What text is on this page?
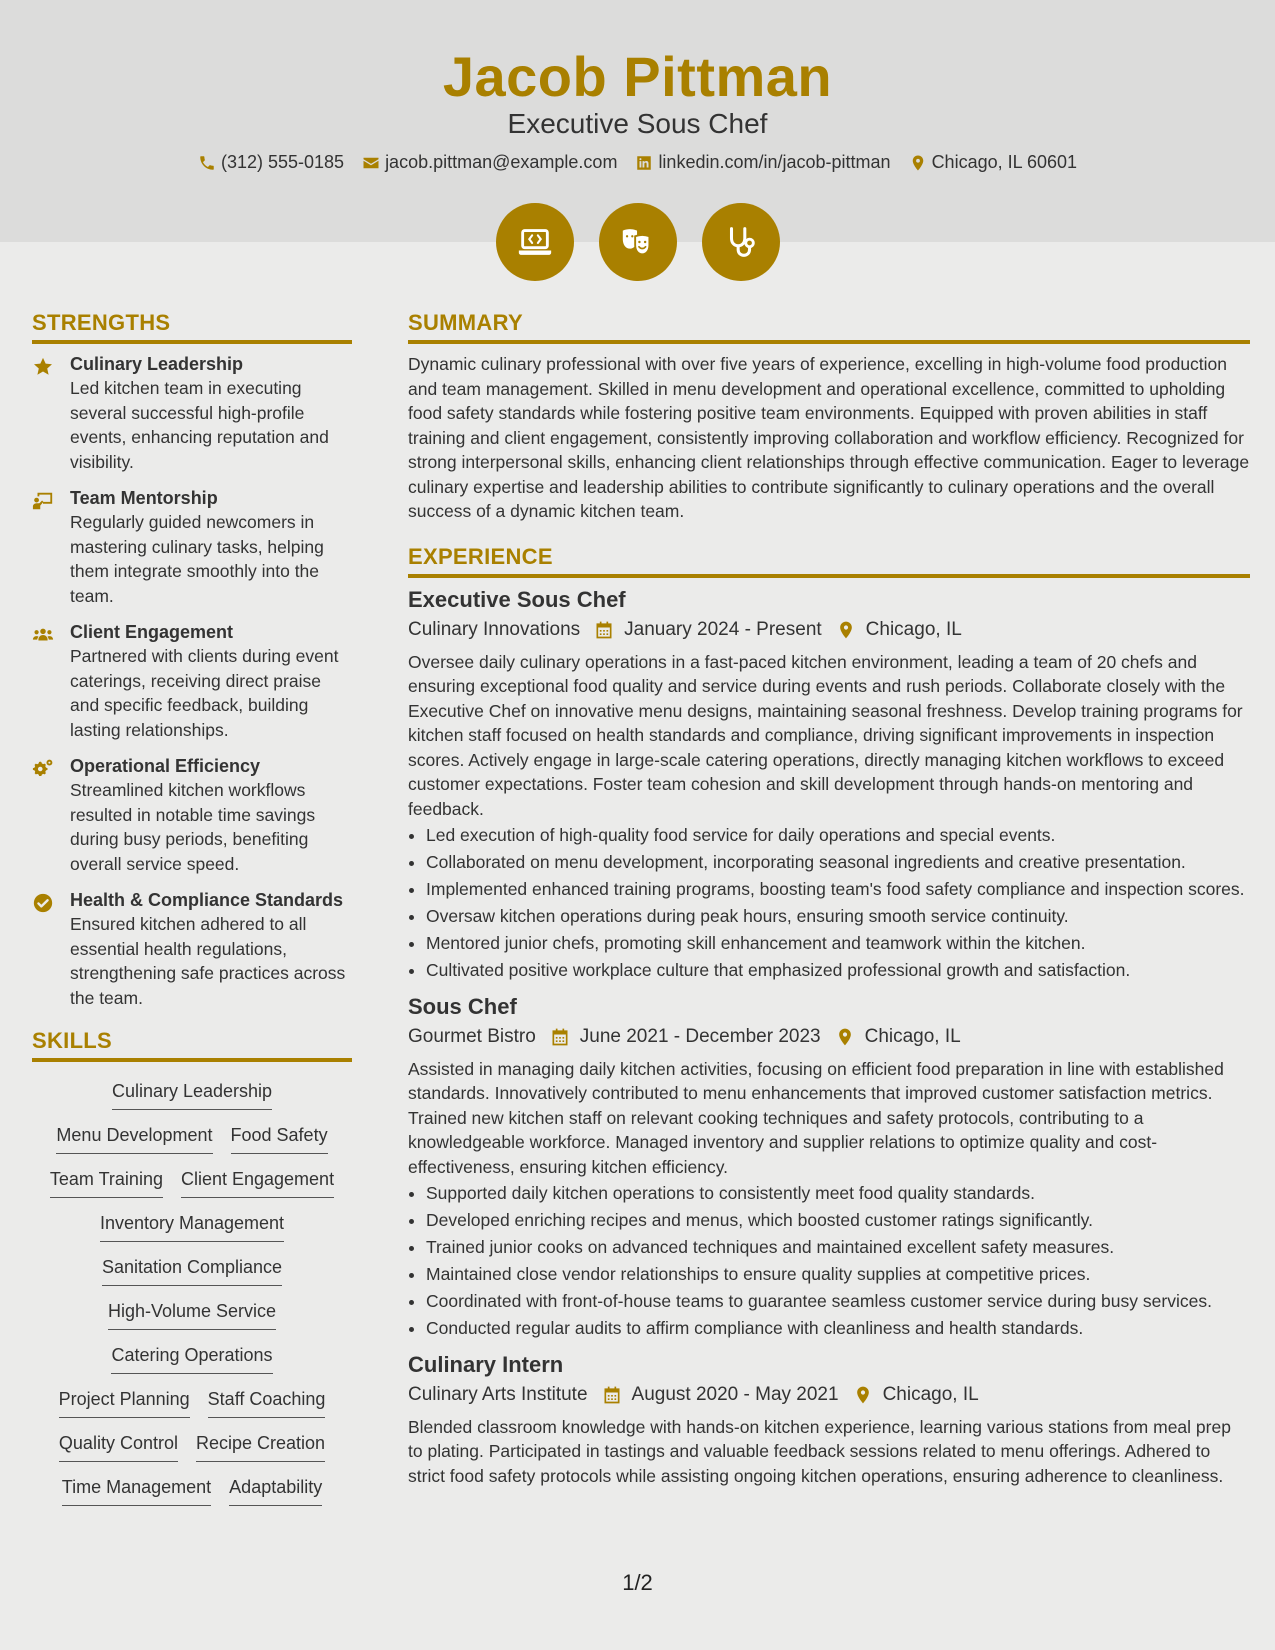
Jacob Pittman
Executive Sous Chef
(312) 555-0185 jacob.pittman@example.com linkedin.com/in/jacob-pittman Chicago, IL 60601
STRENGTHS
Culinary Leadership
Led kitchen team in executing several successful high-profile events, enhancing reputation and visibility.
Team Mentorship
Regularly guided newcomers in mastering culinary tasks, helping them integrate smoothly into the team.
Client Engagement
Partnered with clients during event caterings, receiving direct praise and specific feedback, building lasting relationships.
Operational Efficiency
Streamlined kitchen workflows resulted in notable time savings during busy periods, benefiting overall service speed.
Health & Compliance Standards
Ensured kitchen adhered to all essential health regulations, strengthening safe practices across the team.
SKILLS
Culinary Leadership
Menu Development Food Safety
Team Training Client Engagement
Inventory Management
Sanitation Compliance
High-Volume Service
Catering Operations
Project Planning Staff Coaching
Quality Control Recipe Creation
Time Management Adaptability
SUMMARY

Dynamic culinary professional with over five years of experience, excelling in high-volume food production and team management. Skilled in menu development and operational excellence, committed to upholding food safety standards while fostering positive team environments. Equipped with proven abilities in staff training and client engagement, consistently improving collaboration and workflow efficiency. Recognized for strong interpersonal skills, enhancing client relationships through effective communication. Eager to leverage culinary expertise and leadership abilities to contribute significantly to culinary operations and the overall success of a dynamic kitchen team.

EXPERIENCE
Executive Sous Chef
Culinary Innovations January 2024 - Present Chicago, IL
Oversee daily culinary operations in a fast-paced kitchen environment, leading a team of 20 chefs and ensuring exceptional food quality and service during events and rush periods. Collaborate closely with the Executive Chef on innovative menu designs, maintaining seasonal freshness. Develop training programs for kitchen staff focused on health standards and compliance, driving significant improvements in inspection scores. Actively engage in large-scale catering operations, directly managing kitchen workflows to exceed customer expectations. Foster team cohesion and skill development through hands-on mentoring and feedback.
• Led execution of high-quality food service for daily operations and special events.
• Collaborated on menu development, incorporating seasonal ingredients and creative presentation.
• Implemented enhanced training programs, boosting team's food safety compliance and inspection scores.
• Oversaw kitchen operations during peak hours, ensuring smooth service continuity.
• Mentored junior chefs, promoting skill enhancement and teamwork within the kitchen.
• Cultivated positive workplace culture that emphasized professional growth and satisfaction.
Sous Chef
Gourmet Bistro June 2021 - December 2023 Chicago, IL
Assisted in managing daily kitchen activities, focusing on efficient food preparation in line with established standards. Innovatively contributed to menu enhancements that improved customer satisfaction metrics. Trained new kitchen staff on relevant cooking techniques and safety protocols, contributing to a knowledgeable workforce. Managed inventory and supplier relations to optimize quality and cost-effectiveness, ensuring kitchen efficiency.
• Supported daily kitchen operations to consistently meet food quality standards.
• Developed enriching recipes and menus, which boosted customer ratings significantly.
• Trained junior cooks on advanced techniques and maintained excellent safety measures.
• Maintained close vendor relationships to ensure quality supplies at competitive prices.
• Coordinated with front-of-house teams to guarantee seamless customer service during busy services.
• Conducted regular audits to affirm compliance with cleanliness and health standards.
Culinary Intern
Culinary Arts Institute August 2020 - May 2021 Chicago, IL
Blended classroom knowledge with hands-on kitchen experience, learning various stations from meal prep to plating. Participated in tastings and valuable feedback sessions related to menu offerings. Adhered to strict food safety protocols while assisting ongoing kitchen operations, ensuring adherence to cleanliness.
1/2
